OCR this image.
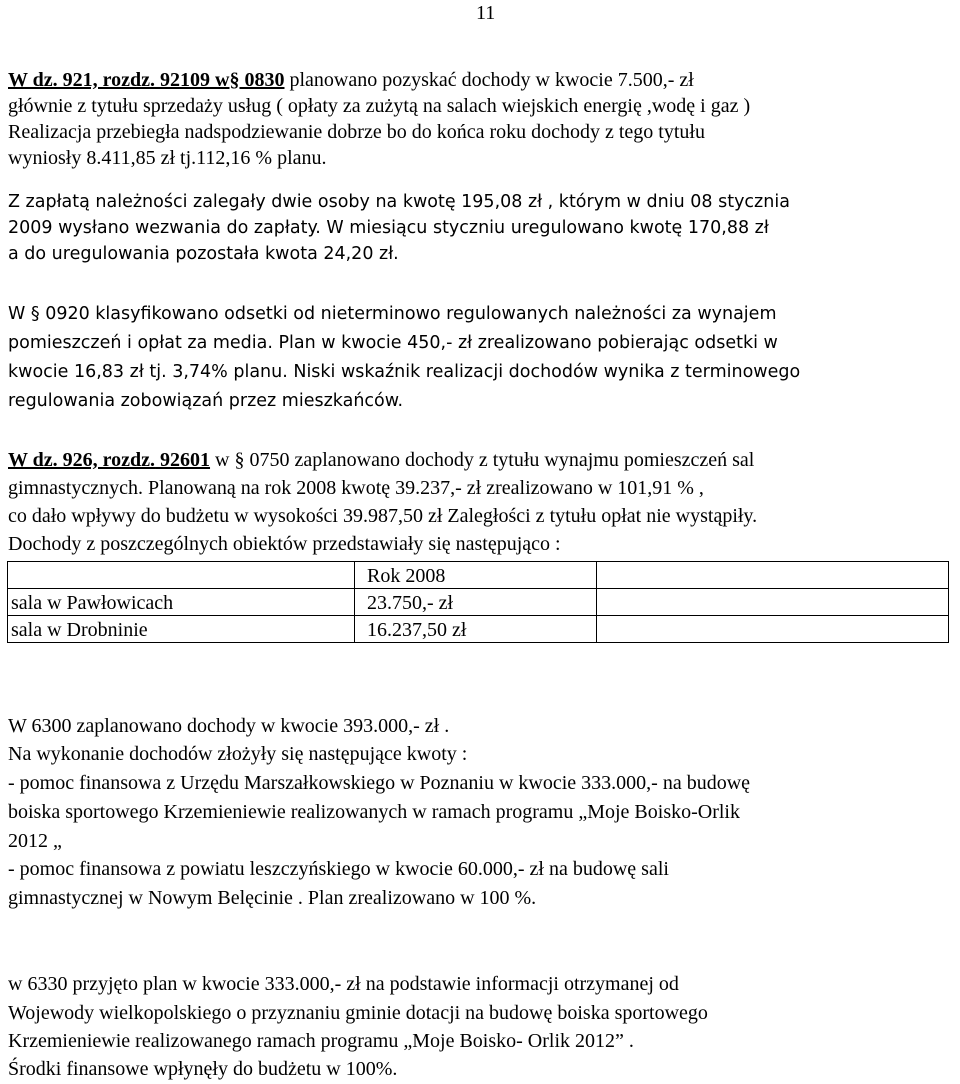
11
W dz. 921, rozdz. 92109 w§ 0830 planowano pozyskać dochody w kwocie 7.500,- zł
głównie z tytułu sprzedaży usług ( opłaty za zużytą na salach wiejskich energię ,wodę i gaz )
Realizacja przebiegła nadspodziewanie dobrze bo do końca roku dochody z tego tytułu
wyniosły 8.411,85 zł tj.112,16 % planu.
Z zapłatą należności zalegały dwie osoby na kwotę 195,08 zł , którym w dniu 08 stycznia
2009 wysłano wezwania do zapłaty. W miesiącu styczniu uregulowano kwotę 170,88 zł
a do uregulowania pozostała kwota 24,20 zł.
W § 0920 klasyfikowano odsetki od nieterminowo regulowanych należności za wynajem
pomieszczeń i opłat za media. Plan w kwocie 450,- zł zrealizowano pobierając odsetki w
kwocie 16,83 zł tj. 3,74% planu. Niski wskaźnik realizacji dochodów wynika z terminowego
regulowania zobowiązań przez mieszkańców.
W dz. 926, rozdz. 92601 w § 0750 zaplanowano dochody z tytułu wynajmu pomieszczeń sal
gimnastycznych. Planowaną na rok 2008 kwotę 39.237,- zł zrealizowano w 101,91 % ,
co dało wpływy do budżetu w wysokości 39.987,50 zł Zaległości z tytułu opłat nie wystąpiły.
Dochody z poszczególnych obiektów przedstawiały się następująco :
	Rok 2008	
sala w Pawłowicach	23.750,- zł	
sala w Drobninie	16.237,50 zł	
W 6300 zaplanowano dochody w kwocie 393.000,- zł .
Na wykonanie dochodów złożyły się następujące kwoty :
- pomoc finansowa z Urzędu Marszałkowskiego w Poznaniu w kwocie 333.000,- na budowę
boiska sportowego Krzemieniewie realizowanych w ramach programu „Moje Boisko-Orlik
2012 „
- pomoc finansowa z powiatu leszczyńskiego w kwocie 60.000,- zł na budowę sali
gimnastycznej w Nowym Belęcinie . Plan zrealizowano w 100 %.
w 6330 przyjęto plan w kwocie 333.000,- zł na podstawie informacji otrzymanej od
Wojewody wielkopolskiego o przyznaniu gminie dotacji na budowę boiska sportowego
Krzemieniewie realizowanego ramach programu „Moje Boisko- Orlik 2012” .
Środki finansowe wpłynęły do budżetu w 100%.
